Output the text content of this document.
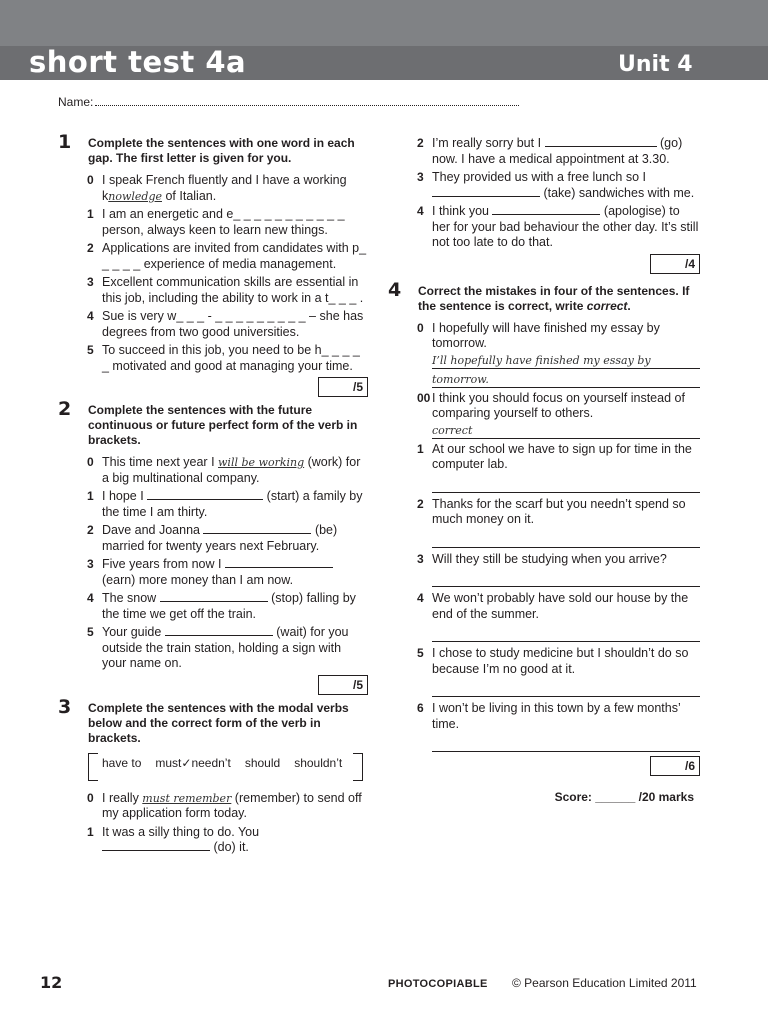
short test 4a	Unit 4
Name:
1 Complete the sentences with one word in each gap. The first letter is given for you.
0 I speak French fluently and I have a working knowledge of Italian.
1 I am an energetic and e_ _ _ _ _ _ _ _ _ _ _ person, always keen to learn new things.
2 Applications are invited from candidates with p_ _ _ _ _ experience of media management.
3 Excellent communication skills are essential in this job, including the ability to work in a t_ _ _ .
4 Sue is very w_ _ _ - _ _ _ _ _ _ _ _ _ – she has degrees from two good universities.
5 To succeed in this job, you need to be h_ _ _ _ _ motivated and good at managing your time.
/5
2 Complete the sentences with the future continuous or future perfect form of the verb in brackets.
0 This time next year I will be working (work) for a big multinational company.
1 I hope I	(start) a family by the time I am thirty.
2 Dave and Joanna	(be) married for twenty years next February.
3 Five years from now I  (earn) more money than I am now.
4 The snow	(stop) falling by the time we get off the train.
5 Your guide	(wait) for you outside the train station, holding a sign with your name on.
/5
3 Complete the sentences with the modal verbs below and the correct form of the verb in brackets.
have to must✓needn’t should shouldn’t
0 I really must remember (remember) to send off my application form today.
1 It was a silly thing to do. You  (do) it.
2 I’m really sorry but I	(go) now. I have a medical appointment at 3.30.
3 They provided us with a free lunch so I  (take) sandwiches with me.
4 I think you	(apologise) to her for your bad behaviour the other day. It’s still not too late to do that.
/4
4 Correct the mistakes in four of the sentences. If the sentence is correct, write correct.
0 I hopefully will have finished my essay by tomorrow.
I’ll hopefully have finished my essay by
tomorrow.
00 I think you should focus on yourself instead of comparing yourself to others.
correct
1 At our school we have to sign up for time in the computer lab.
2 Thanks for the scarf but you needn’t spend so much money on it.
3 Will they still be studying when you arrive?
4 We won’t probably have sold our house by the end of the summer.
5 I chose to study medicine but I shouldn’t do so because I’m no good at it.
6 I won’t be living in this town by a few months’ time.
/6
Score: ______ /20 marks
12	PHOTOCOPIABLE © Pearson Education Limited 2011
